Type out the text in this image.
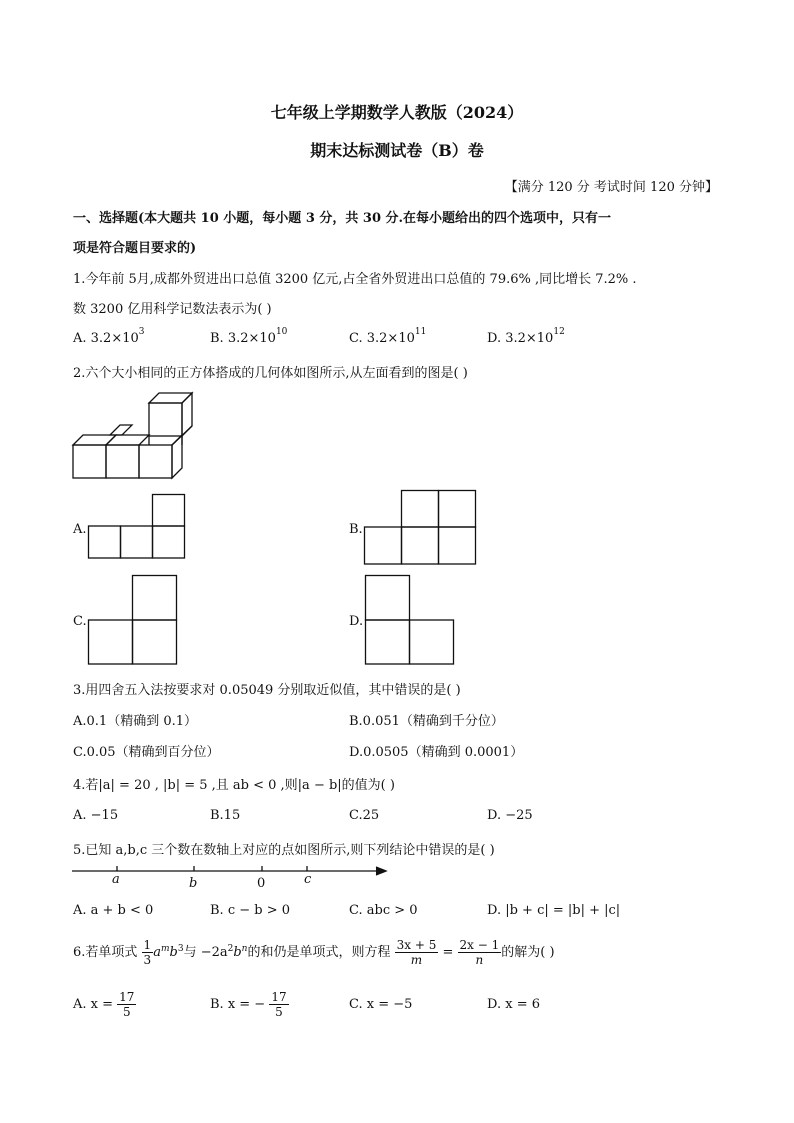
七年级上学期数学人教版（2024）
期末达标测试卷（B）卷
【满分 120 分 考试时间 120 分钟】
一、选择题(本大题共 10 小题，每小题 3 分，共 30 分.在每小题给出的四个选项中，只有一
项是符合题目要求的)
1.今年前 5月,成都外贸进出口总值 3200 亿元,占全省外贸进出口总值的 79.6% ,同比增长 7.2% .
数 3200 亿用科学记数法表示为( )
A. $3.2\times 10^3$	B. $3.2\times 10^{10}$	C. $3.2\times 10^{11}$	D. $3.2\times 10^{12}$
2.六个大小相同的正方体搭成的几何体如图所示,从左面看到的图是( )
A.	B.
C.	D.
3.用四舍五入法按要求对 0.05049 分别取近似值，其中错误的是( )
A.0.1（精确到 0.1）	B.0.051（精确到千分位）
C.0.05（精确到百分位）	D.0.0505（精确到 0.0001）
4.若|a| = 20 , |b| = 5 ,且 ab < 0 ,则|a − b|的值为( )
A. −15	B.15	C.25	D. −25
5.已知 a,b,c 三个数在数轴上对应的点如图所示,则下列结论中错误的是( )
a	b	0	c
A. a + b < 0	B. c − b > 0	C. abc > 0	D. |b + c| = |b| + |c|
6.若单项式 $\frac{1}{3} a^mb^3$与 $-2a^2b^n$的和仍是单项式，则方程 $\frac{3x + 5}{m} = \frac{2x - 1}{n}$ 的解为( )
A. $x = \frac{17}{5}$	B. x = − $\frac{17}{5}$	C. x = −5	D. x = 6
